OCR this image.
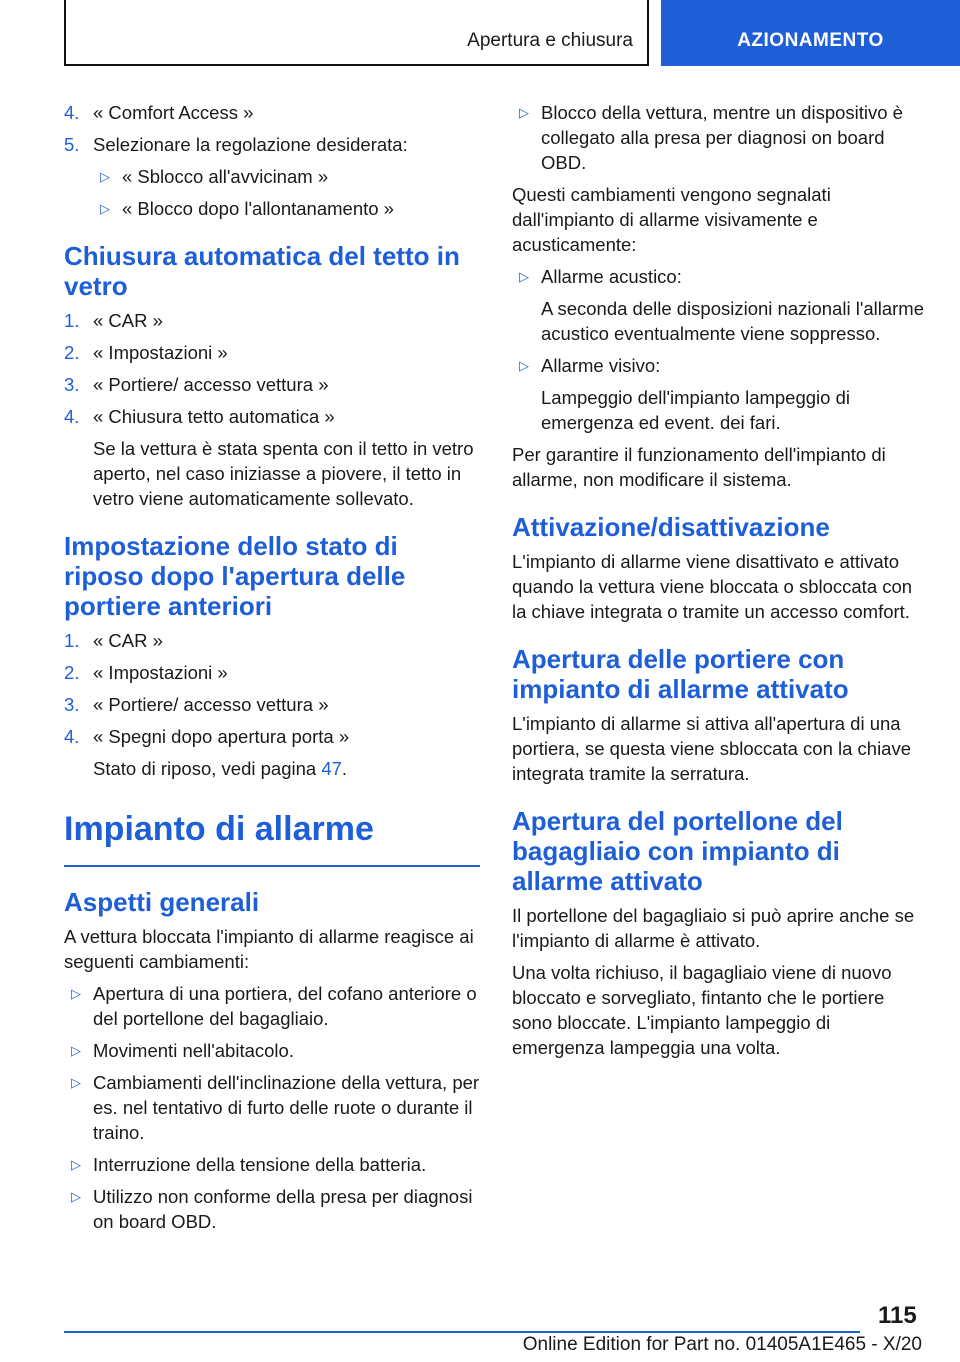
Apertura e chiusura	AZIONAMENTO
4. « Comfort Access »
5. Selezionare la regolazione desiderata:
▷ « Sblocco all'avvicinam »
▷ « Blocco dopo l'allontanamento »
Chiusura automatica del tetto in vetro
1. « CAR »
2. « Impostazioni »
3. « Portiere/ accesso vettura »
4. « Chiusura tetto automatica »
Se la vettura è stata spenta con il tetto in vetro aperto, nel caso iniziasse a piovere, il tetto in vetro viene automaticamente sollevato.
Impostazione dello stato di riposo dopo l'apertura delle portiere anteriori
1. « CAR »
2. « Impostazioni »
3. « Portiere/ accesso vettura »
4. « Spegni dopo apertura porta »
Stato di riposo, vedi pagina 47.
Impianto di allarme
Aspetti generali

A vettura bloccata l'impianto di allarme reagisce ai seguenti cambiamenti:

▷ Apertura di una portiera, del cofano anteriore o del portellone del bagagliaio.
▷ Movimenti nell'abitacolo.
▷ Cambiamenti dell'inclinazione della vettura, per es. nel tentativo di furto delle ruote o durante il traino.
▷ Interruzione della tensione della batteria.
▷ Utilizzo non conforme della presa per diagnosi on board OBD.
▷ Blocco della vettura, mentre un dispositivo è collegato alla presa per diagnosi on board OBD.

Questi cambiamenti vengono segnalati dall'impianto di allarme visivamente e acusticamente:

▷ Allarme acustico:
A seconda delle disposizioni nazionali l'allarme acustico eventualmente viene soppresso.
▷ Allarme visivo:
Lampeggio dell'impianto lampeggio di emergenza ed event. dei fari.

Per garantire il funzionamento dell'impianto di allarme, non modificare il sistema.

Attivazione/disattivazione

L'impianto di allarme viene disattivato e attivato quando la vettura viene bloccata o sbloccata con la chiave integrata o tramite un accesso comfort.

Apertura delle portiere con impianto di allarme attivato

L'impianto di allarme si attiva all'apertura di una portiera, se questa viene sbloccata con la chiave integrata tramite la serratura.

Apertura del portellone del bagagliaio con impianto di allarme attivato

Il portellone del bagagliaio si può aprire anche se l'impianto di allarme è attivato.

Una volta richiuso, il bagagliaio viene di nuovo bloccato e sorvegliato, fintanto che le portiere sono bloccate. L'impianto lampeggio di emergenza lampeggia una volta.

115
Online Edition for Part no. 01405A1E465 - X/20
